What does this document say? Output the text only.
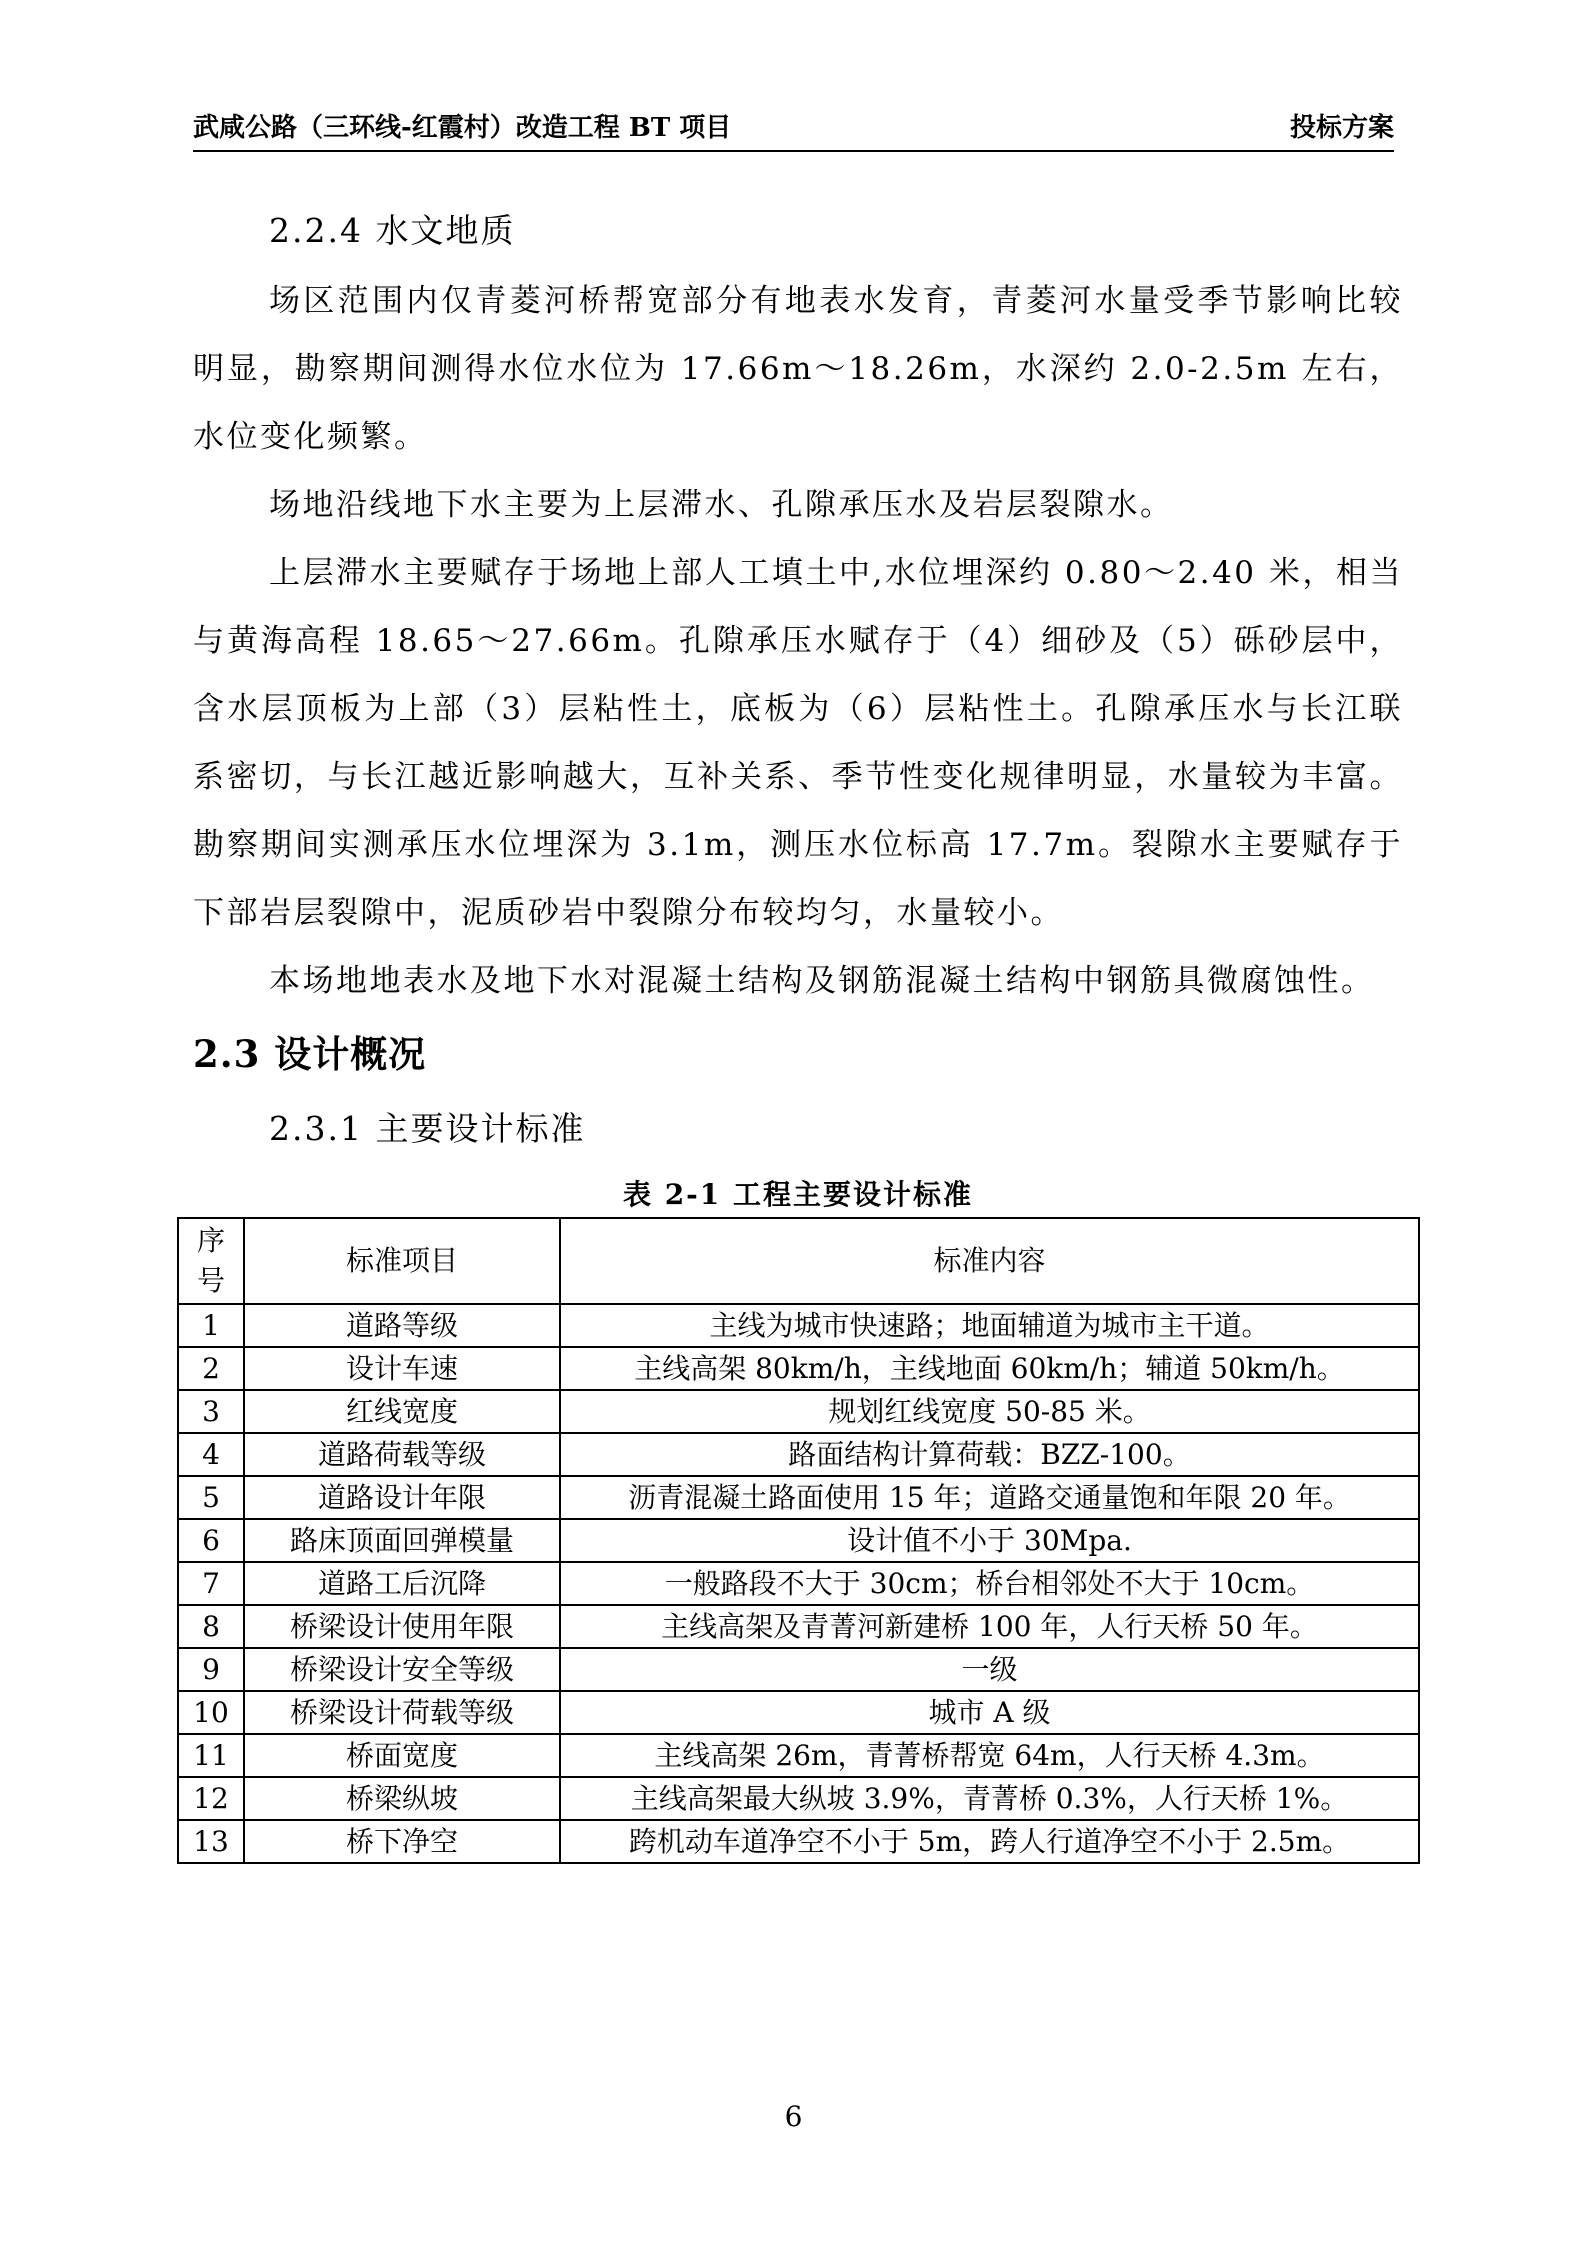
武咸公路（三环线-红霞村）改造工程 BT 项目	投标方案
2.2.4 水文地质

场区范围内仅青菱河桥帮宽部分有地表水发育，青菱河水量受季节影响比较明显，勘察期间测得水位水位为 17.66m～18.26m，水深约 2.0-2.5m 左右，水位变化频繁。

场地沿线地下水主要为上层滞水、孔隙承压水及岩层裂隙水。

上层滞水主要赋存于场地上部人工填土中,水位埋深约 0.80～2.40 米，相当与黄海高程 18.65～27.66m。孔隙承压水赋存于（4）细砂及（5）砾砂层中，含水层顶板为上部（3）层粘性土，底板为（6）层粘性土。孔隙承压水与长江联系密切，与长江越近影响越大，互补关系、季节性变化规律明显，水量较为丰富。勘察期间实测承压水位埋深为 3.1m，测压水位标高 17.7m。裂隙水主要赋存于下部岩层裂隙中，泥质砂岩中裂隙分布较均匀，水量较小。

本场地地表水及地下水对混凝土结构及钢筋混凝土结构中钢筋具微腐蚀性。

2.3 设计概况
2.3.1 主要设计标准
表 2-1 工程主要设计标准
序
号	标准项目	标准内容
1	道路等级	主线为城市快速路；地面辅道为城市主干道。
2	设计车速	主线高架 80km/h，主线地面 60km/h；辅道 50km/h。
3	红线宽度	规划红线宽度 50-85 米。
4	道路荷载等级	路面结构计算荷载：BZZ-100。
5	道路设计年限	沥青混凝土路面使用 15 年；道路交通量饱和年限 20 年。
6	路床顶面回弹模量	设计值不小于 30Mpa.
7	道路工后沉降	一般路段不大于 30cm；桥台相邻处不大于 10cm。
8	桥梁设计使用年限	主线高架及青菁河新建桥 100 年，人行天桥 50 年。
9	桥梁设计安全等级	一级
10	桥梁设计荷载等级	城市 A 级
11	桥面宽度	主线高架 26m，青菁桥帮宽 64m，人行天桥 4.3m。
12	桥梁纵坡	主线高架最大纵坡 3.9%，青菁桥 0.3%，人行天桥 1%。
13	桥下净空	跨机动车道净空不小于 5m，跨人行道净空不小于 2.5m。
6
